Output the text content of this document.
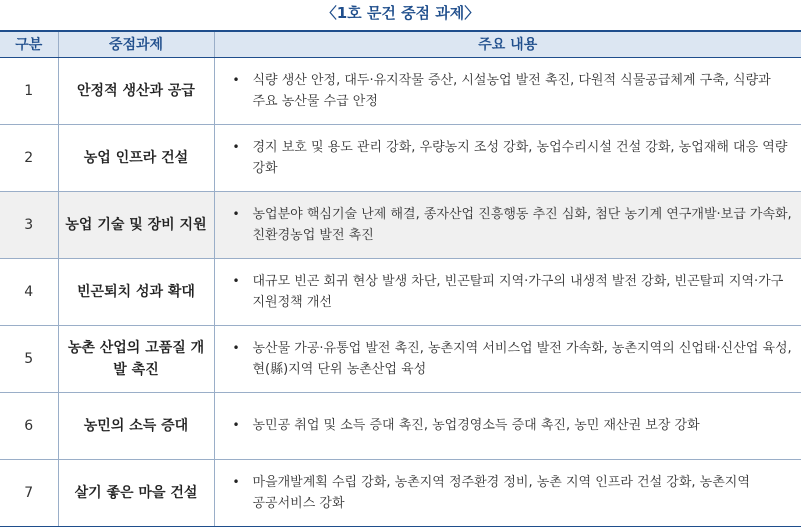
〈1호 문건 중점 과제〉
구분	중점과제	주요 내용
1	안정적 생산과 공급	• 식량 생산 안정, 대두·유지작물 증산, 시설농업 발전 촉진, 다원적 식물공급체계 구축, 식량과 주요 농산물 수급 안정

2	농업 인프라 건설	• 경지 보호 및 용도 관리 강화, 우량농지 조성 강화, 농업수리시설 건설 강화, 농업재해 대응 역량 강화

3	농업 기술 및 장비 지원	• 농업분야 핵심기술 난제 해결, 종자산업 진흥행동 추진 심화, 첨단 농기계 연구개발·보급 가속화, 친환경농업 발전 촉진

4	빈곤퇴치 성과 확대	• 대규모 빈곤 회귀 현상 발생 차단, 빈곤탈피 지역·가구의 내생적 발전 강화, 빈곤탈피 지역·가구 지원정책 개선

5	농촌 산업의 고품질 개발 촉진	• 농산물 가공·유통업 발전 촉진, 농촌지역 서비스업 발전 가속화, 농촌지역의 신업태·신산업 육성, 현(縣)지역 단위 농촌산업 육성

6	농민의 소득 증대	• 농민공 취업 및 소득 증대 촉진, 농업경영소득 증대 촉진, 농민 재산권 보장 강화

7	살기 좋은 마을 건설	• 마을개발계획 수립 강화, 농촌지역 정주환경 정비, 농촌 지역 인프라 건설 강화, 농촌지역 공공서비스 강화
